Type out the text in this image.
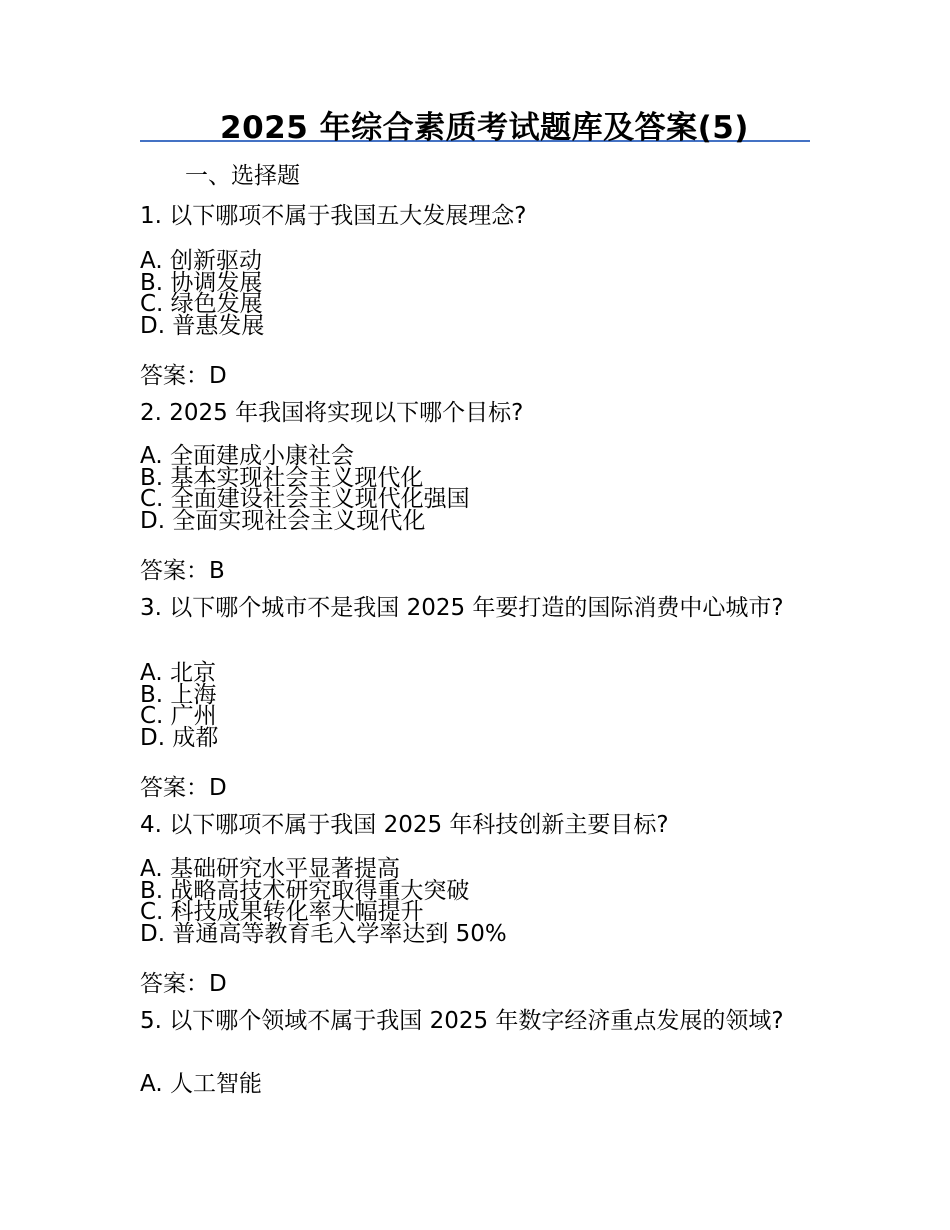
2025 年综合素质考试题库及答案(5)
一、选择题
1. 以下哪项不属于我国五大发展理念?
A. 创新驱动
B. 协调发展
C. 绿色发展
D. 普惠发展
答案：D
2. 2025 年我国将实现以下哪个目标?
A. 全面建成小康社会
B. 基本实现社会主义现代化
C. 全面建设社会主义现代化强国
D. 全面实现社会主义现代化
答案：B
3. 以下哪个城市不是我国 2025 年要打造的国际消费中心城市?
A. 北京
B. 上海
C. 广州
D. 成都
答案：D
4. 以下哪项不属于我国 2025 年科技创新主要目标?
A. 基础研究水平显著提高
B. 战略高技术研究取得重大突破
C. 科技成果转化率大幅提升
D. 普通高等教育毛入学率达到 50%
答案：D
5. 以下哪个领域不属于我国 2025 年数字经济重点发展的领域?
A. 人工智能
